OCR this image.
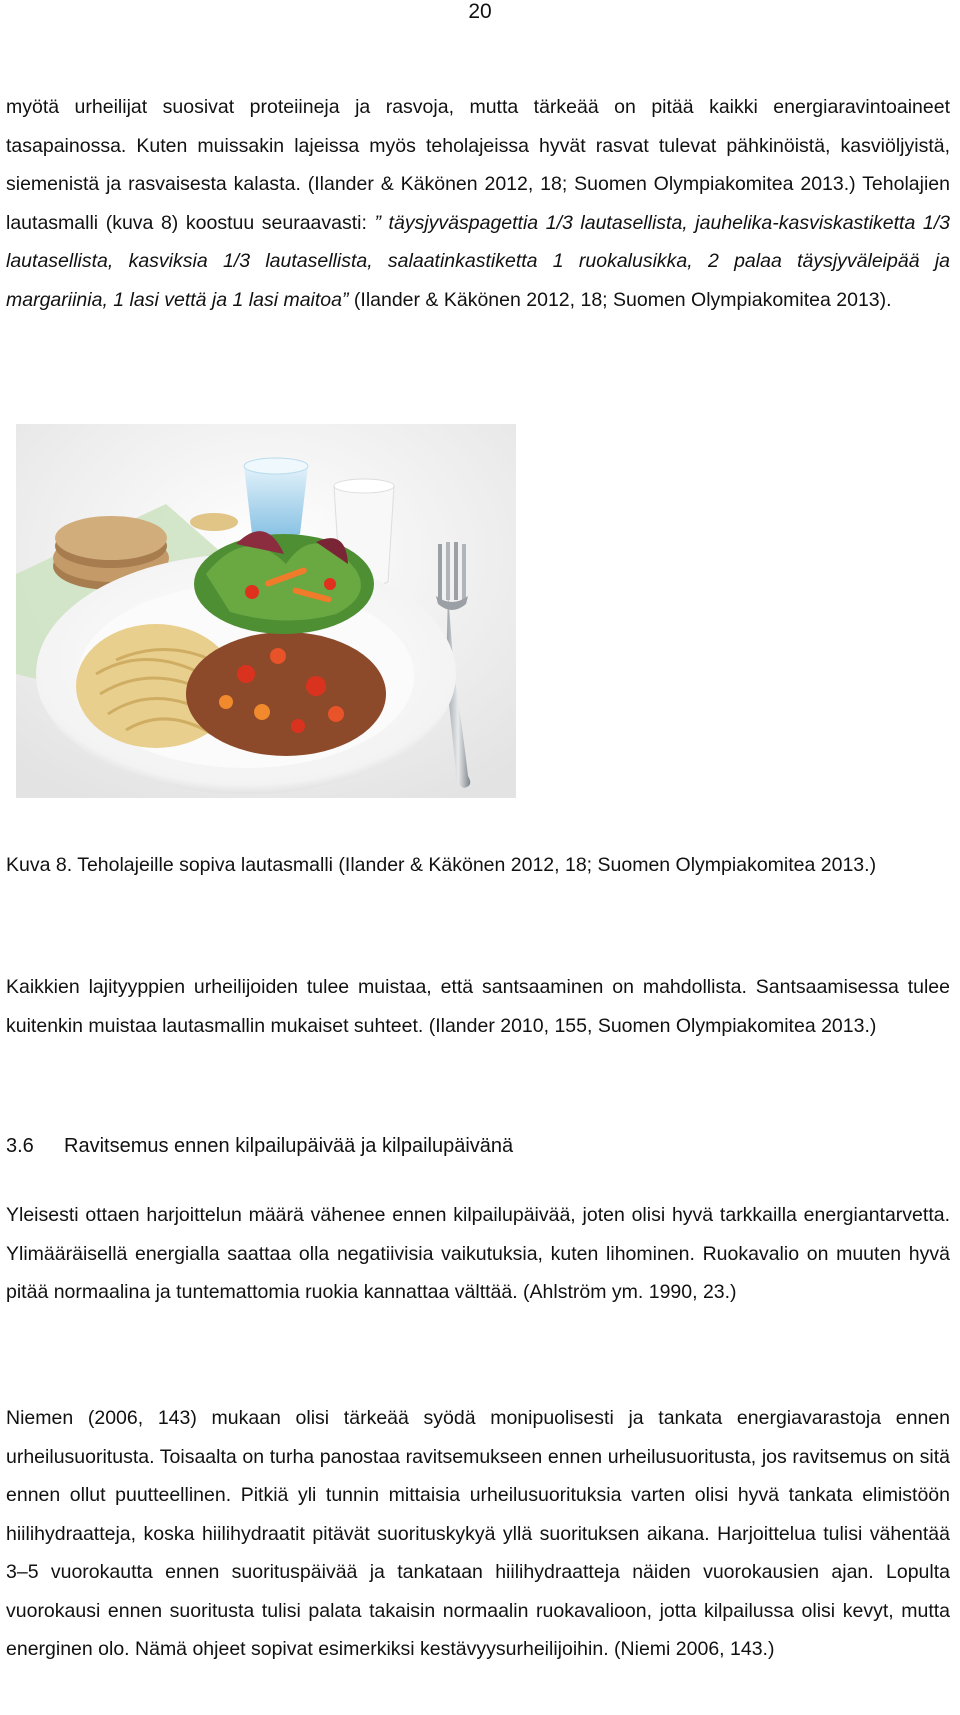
20

myötä urheilijat suosivat proteiineja ja rasvoja, mutta tärkeää on pitää kaikki energiaravintoaineet tasapainossa. Kuten muissakin lajeissa myös teholajeissa hyvät rasvat tulevat pähkinöistä, kasviöljyistä, siemenistä ja rasvaisesta kalasta. (Ilander & Käkönen 2012, 18; Suomen Olympiakomitea 2013.) Teholajien lautasmalli (kuva 8) koostuu seuraavasti: ” täysjyväspagettia 1/3 lautasellista, jauhelika-kasviskastiketta 1/3 lautasellista, kasviksia 1/3 lautasellista, salaatinkastiketta 1 ruokalusikka, 2 palaa täysjyväleipää ja margariinia, 1 lasi vettä ja 1 lasi maitoa” (Ilander & Käkönen 2012, 18; Suomen Olympiakomitea 2013).

Kuva 8. Teholajeille sopiva lautasmalli (Ilander & Käkönen 2012, 18; Suomen Olympiakomitea 2013.)

Kaikkien lajityyppien urheilijoiden tulee muistaa, että santsaaminen on mahdollista. Santsaamisessa tulee kuitenkin muistaa lautasmallin mukaiset suhteet. (Ilander 2010, 155, Suomen Olympiakomitea 2013.)

3.6 Ravitsemus ennen kilpailupäivää ja kilpailupäivänä

Yleisesti ottaen harjoittelun määrä vähenee ennen kilpailupäivää, joten olisi hyvä tarkkailla energiantarvetta. Ylimääräisellä energialla saattaa olla negatiivisia vaikutuksia, kuten lihominen. Ruokavalio on muuten hyvä pitää normaalina ja tuntemattomia ruokia kannattaa välttää. (Ahlström ym. 1990, 23.)

Niemen (2006, 143) mukaan olisi tärkeää syödä monipuolisesti ja tankata energiavarastoja ennen urheilusuoritusta. Toisaalta on turha panostaa ravitsemukseen ennen urheilusuoritusta, jos ravitsemus on sitä ennen ollut puutteellinen. Pitkiä yli tunnin mittaisia urheilusuorituksia varten olisi hyvä tankata elimistöön hiilihydraatteja, koska hiilihydraatit pitävät suorituskykyä yllä suorituksen aikana. Harjoittelua tulisi vähentää 3–5 vuorokautta ennen suorituspäivää ja tankataan hiilihydraatteja näiden vuorokausien ajan. Lopulta vuorokausi ennen suoritusta tulisi palata takaisin normaalin ruokavalioon, jotta kilpailussa olisi kevyt, mutta energinen olo. Nämä ohjeet sopivat esimerkiksi kestävyysurheilijoihin. (Niemi 2006, 143.)
